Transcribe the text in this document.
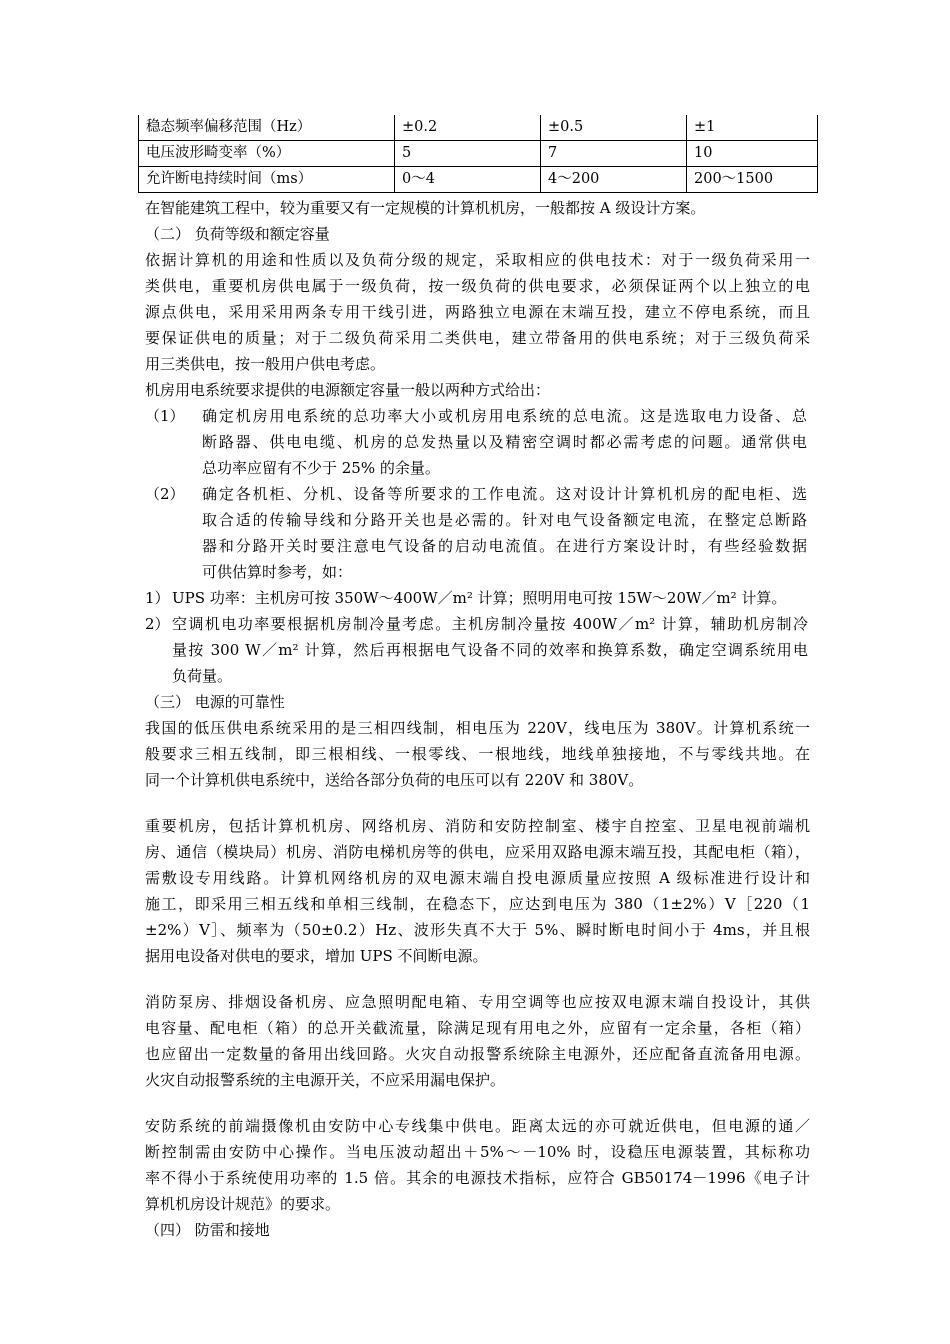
稳态频率偏移范围（Hz）	±0.2	±0.5	±1
电压波形畸变率（%）	5	7	10
允许断电持续时间（ms）	0～4	4～200	200～1500
在智能建筑工程中，较为重要又有一定规模的计算机机房，一般都按 A 级设计方案。
（二） 负荷等级和额定容量
依据计算机的用途和性质以及负荷分级的规定，采取相应的供电技术：对于一级负荷采用一
类供电，重要机房供电属于一级负荷，按一级负荷的供电要求，必须保证两个以上独立的电
源点供电，采用采用两条专用干线引进，两路独立电源在末端互投，建立不停电系统，而且
要保证供电的质量；对于二级负荷采用二类供电，建立带备用的供电系统；对于三级负荷采
用三类供电，按一般用户供电考虑。
机房用电系统要求提供的电源额定容量一般以两种方式给出：
（1） 确定机房用电系统的总功率大小或机房用电系统的总电流。这是选取电力设备、总
断路器、供电电缆、机房的总发热量以及精密空调时都必需考虑的问题。通常供电
总功率应留有不少于 25% 的余量。
（2） 确定各机柜、分机、设备等所要求的工作电流。这对设计计算机机房的配电柜、选
取合适的传输导线和分路开关也是必需的。针对电气设备额定电流，在整定总断路
器和分路开关时要注意电气设备的启动电流值。在进行方案设计时，有些经验数据
可供估算时参考，如：
1） UPS 功率：主机房可按 350W～400W／m² 计算；照明用电可按 15W～20W／m² 计算。
2） 空调机电功率要根据机房制冷量考虑。主机房制冷量按 400W／m² 计算，辅助机房制冷
量按 300 W／m² 计算，然后再根据电气设备不同的效率和换算系数，确定空调系统用电
负荷量。
（三） 电源的可靠性
我国的低压供电系统采用的是三相四线制，相电压为 220V，线电压为 380V。计算机系统一
般要求三相五线制，即三根相线、一根零线、一根地线，地线单独接地，不与零线共地。在
同一个计算机供电系统中，送给各部分负荷的电压可以有 220V 和 380V。
重要机房，包括计算机机房、网络机房、消防和安防控制室、楼宇自控室、卫星电视前端机
房、通信（模块局）机房、消防电梯机房等的供电，应采用双路电源末端互投，其配电柜（箱），
需敷设专用线路。计算机网络机房的双电源末端自投电源质量应按照 A 级标准进行设计和
施工，即采用三相五线和单相三线制，在稳态下，应达到电压为 380（1±2%）V［220（1
±2%）V］、频率为（50±0.2）Hz、波形失真不大于 5%、瞬时断电时间小于 4ms，并且根
据用电设备对供电的要求，增加 UPS 不间断电源。
消防泵房、排烟设备机房、应急照明配电箱、专用空调等也应按双电源末端自投设计，其供
电容量、配电柜（箱）的总开关截流量，除满足现有用电之外，应留有一定余量，各柜（箱）
也应留出一定数量的备用出线回路。火灾自动报警系统除主电源外，还应配备直流备用电源。
火灾自动报警系统的主电源开关，不应采用漏电保护。
安防系统的前端摄像机由安防中心专线集中供电。距离太远的亦可就近供电，但电源的通／
断控制需由安防中心操作。当电压波动超出＋5%～－10% 时，设稳压电源装置，其标称功
率不得小于系统使用功率的 1.5 倍。其余的电源技术指标，应符合 GB50174－1996《电子计
算机机房设计规范》的要求。
（四） 防雷和接地
